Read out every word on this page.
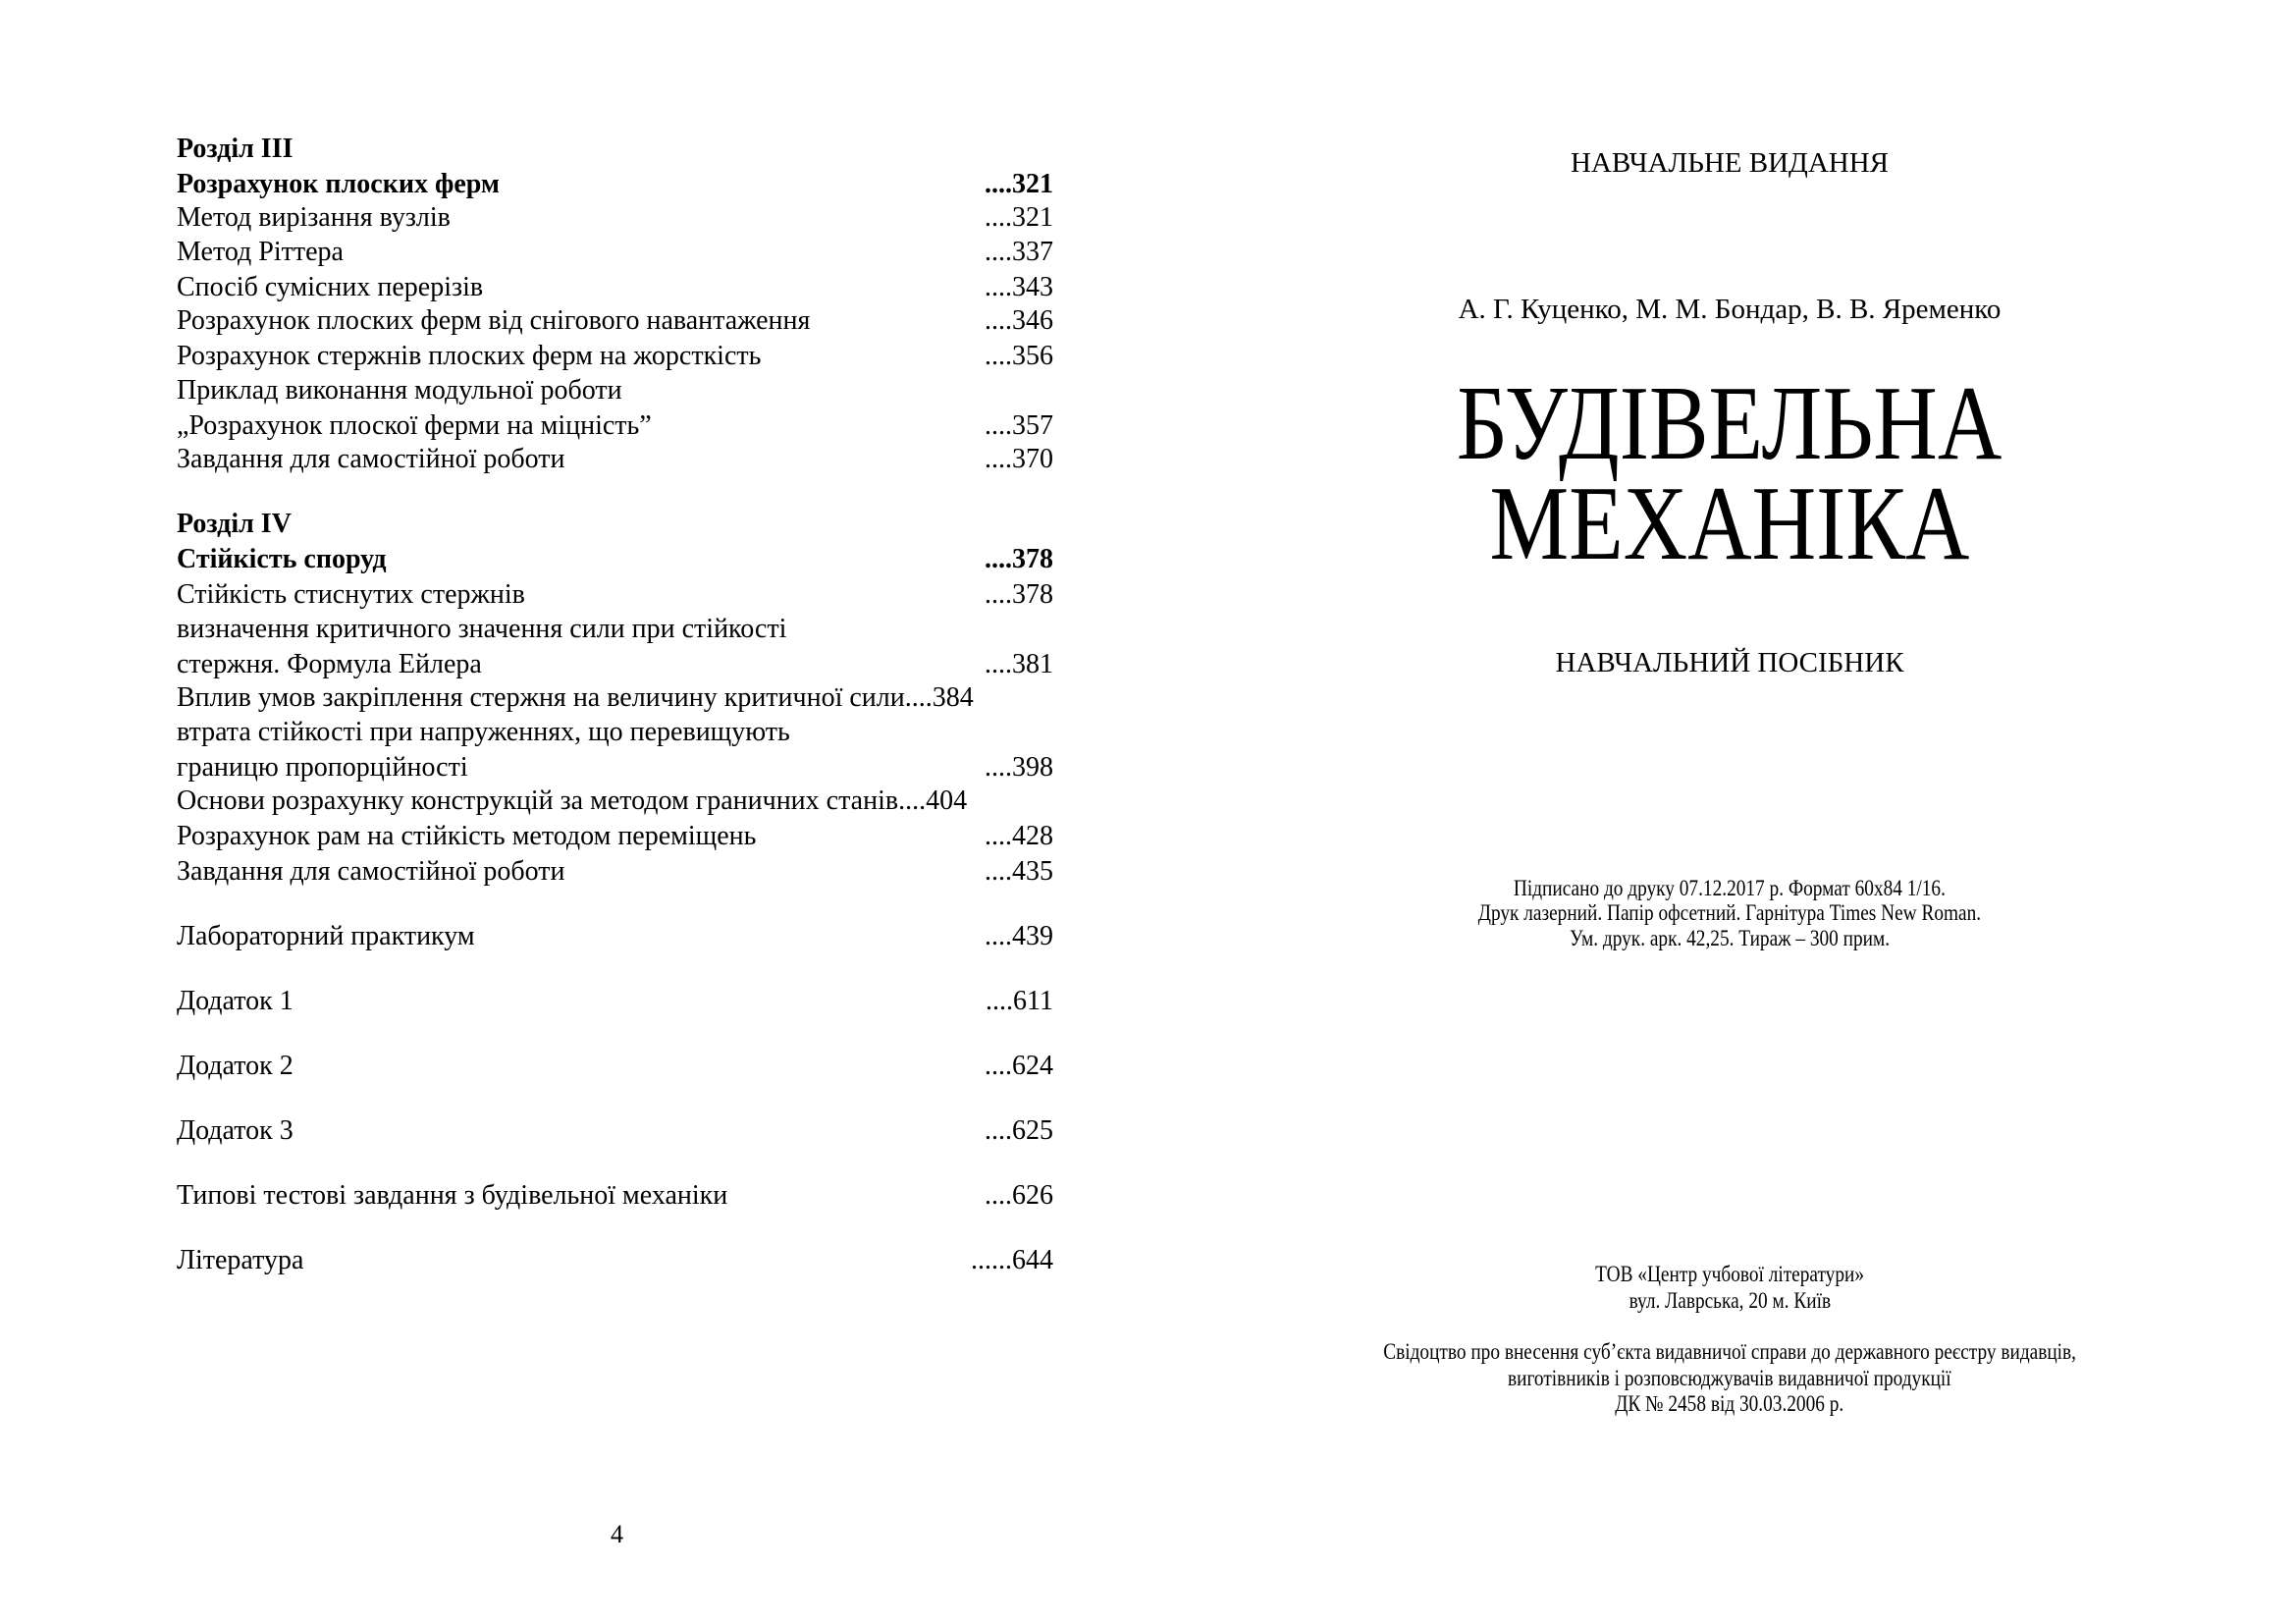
Розділ III
Розрахунок плоских ферм	....321
Метод вирізання вузлів	....321
Метод Ріттера	....337
Спосіб сумісних перерізів	....343
Розрахунок плоских ферм від снігового навантаження	....346
Розрахунок стержнів плоских ферм на жорсткість	....356
Приклад виконання модульної роботи
„Розрахунок плоскої ферми на міцність”	....357
Завдання для самостійної роботи	....370
Розділ IV
Стійкість споруд	....378
Стійкість стиснутих стержнів	....378
визначення критичного значення сили при стійкості
стержня. Формула Ейлера	....381
Вплив умов закріплення стержня на величину критичної сили....384
втрата стійкості при напруженнях, що перевищують
границю пропорційності	....398
Основи розрахунку конструкцій за методом граничних станів....404
Розрахунок рам на стійкість методом переміщень	....428
Завдання для самостійної роботи	....435
Лабораторний практикум	....439
Додаток 1	....611
Додаток 2	....624
Додаток 3	....625
Типові тестові завдання з будівельної механіки	....626
Література	......644
4
НАВЧАЛЬНЕ ВИДАННЯ
А. Г. Куценко, М. М. Бондар, В. В. Яременко
БУДІВЕЛЬНА
МЕХАНІКА
НАВЧАЛЬНИЙ ПОСІБНИК
Підписано до друку 07.12.2017 р. Формат 60х84 1/16.
Друк лазерний. Папір офсетний. Гарнітура Times New Roman.
Ум. друк. арк. 42,25. Тираж – 300 прим.
ТОВ «Центр учбової літератури»
вул. Лаврська, 20 м. Київ
Свідоцтво про внесення суб’єкта видавничої справи до державного реєстру видавців,
виготівників і розповсюджувачів видавничої продукції
ДК № 2458 від 30.03.2006 р.
